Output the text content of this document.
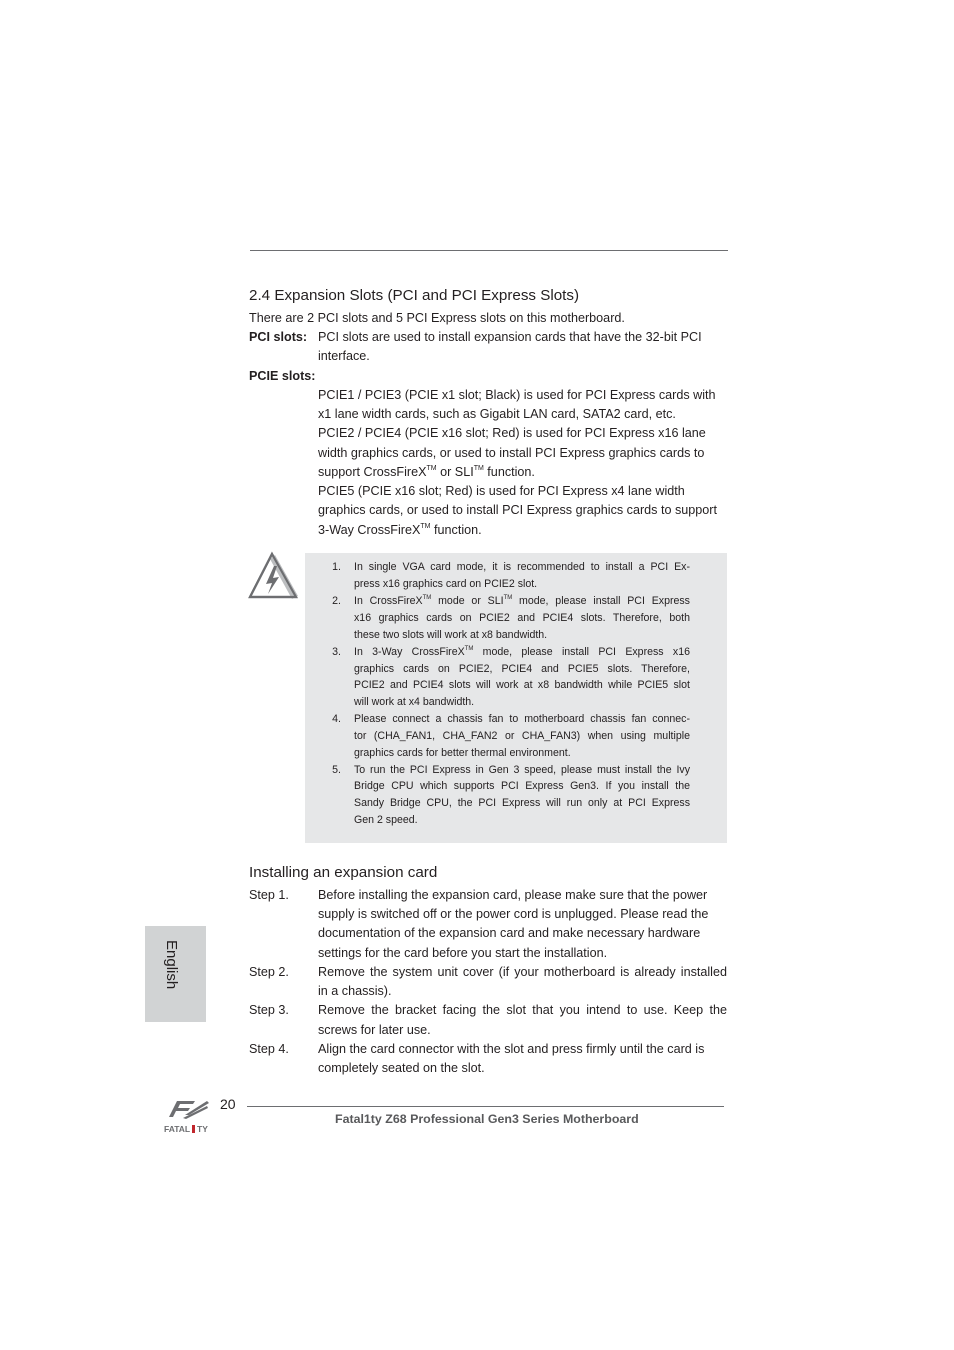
2.4 Expansion Slots (PCI and PCI Express Slots)
There are 2 PCI slots and 5 PCI Express slots on this motherboard.
PCI slots: PCI slots are used to install expansion cards that have the 32-bit PCI
interface.
PCIE slots:
PCIE1 / PCIE3 (PCIE x1 slot; Black) is used for PCI Express cards with
x1 lane width cards, such as Gigabit LAN card, SATA2 card, etc.
PCIE2 / PCIE4 (PCIE x16 slot; Red) is used for PCI Express x16 lane
width graphics cards, or used to install PCI Express graphics cards to
support CrossFireX™ or SLI™ function.
PCIE5 (PCIE x16 slot; Red) is used for PCI Express x4 lane width
graphics cards, or used to install PCI Express graphics cards to support
3-Way CrossFireX™ function.
1. In single VGA card mode, it is recommended to install a PCI Ex-
press x16 graphics card on PCIE2 slot.
2. In CrossFireX™ mode or SLI™ mode, please install PCI Express
x16 graphics cards on PCIE2 and PCIE4 slots. Therefore, both
these two slots will work at x8 bandwidth.
3. In 3-Way CrossFireX™ mode, please install PCI Express x16
graphics cards on PCIE2, PCIE4 and PCIE5 slots. Therefore,
PCIE2 and PCIE4 slots will work at x8 bandwidth while PCIE5 slot
will work at x4 bandwidth.
4. Please connect a chassis fan to motherboard chassis fan connec-
tor (CHA_FAN1, CHA_FAN2 or CHA_FAN3) when using multiple
graphics cards for better thermal environment.
5. To run the PCI Express in Gen 3 speed, please must install the Ivy
Bridge CPU which supports PCI Express Gen3. If you install the
Sandy Bridge CPU, the PCI Express will run only at PCI Express
Gen 2 speed.
Installing an expansion card
Step 1. Before installing the expansion card, please make sure that the power
supply is switched off or the power cord is unplugged. Please read the
documentation of the expansion card and make necessary hardware
settings for the card before you start the installation.
Step 2. Remove the system unit cover (if your motherboard is already installed
in a chassis).
Step 3. Remove the bracket facing the slot that you intend to use. Keep the
screws for later use.
Step 4. Align the card connector with the slot and press firmly until the card is
completely seated on the slot.
English
FATAL TY
20
Fatal1ty Z68 Professional Gen3 Series Motherboard
